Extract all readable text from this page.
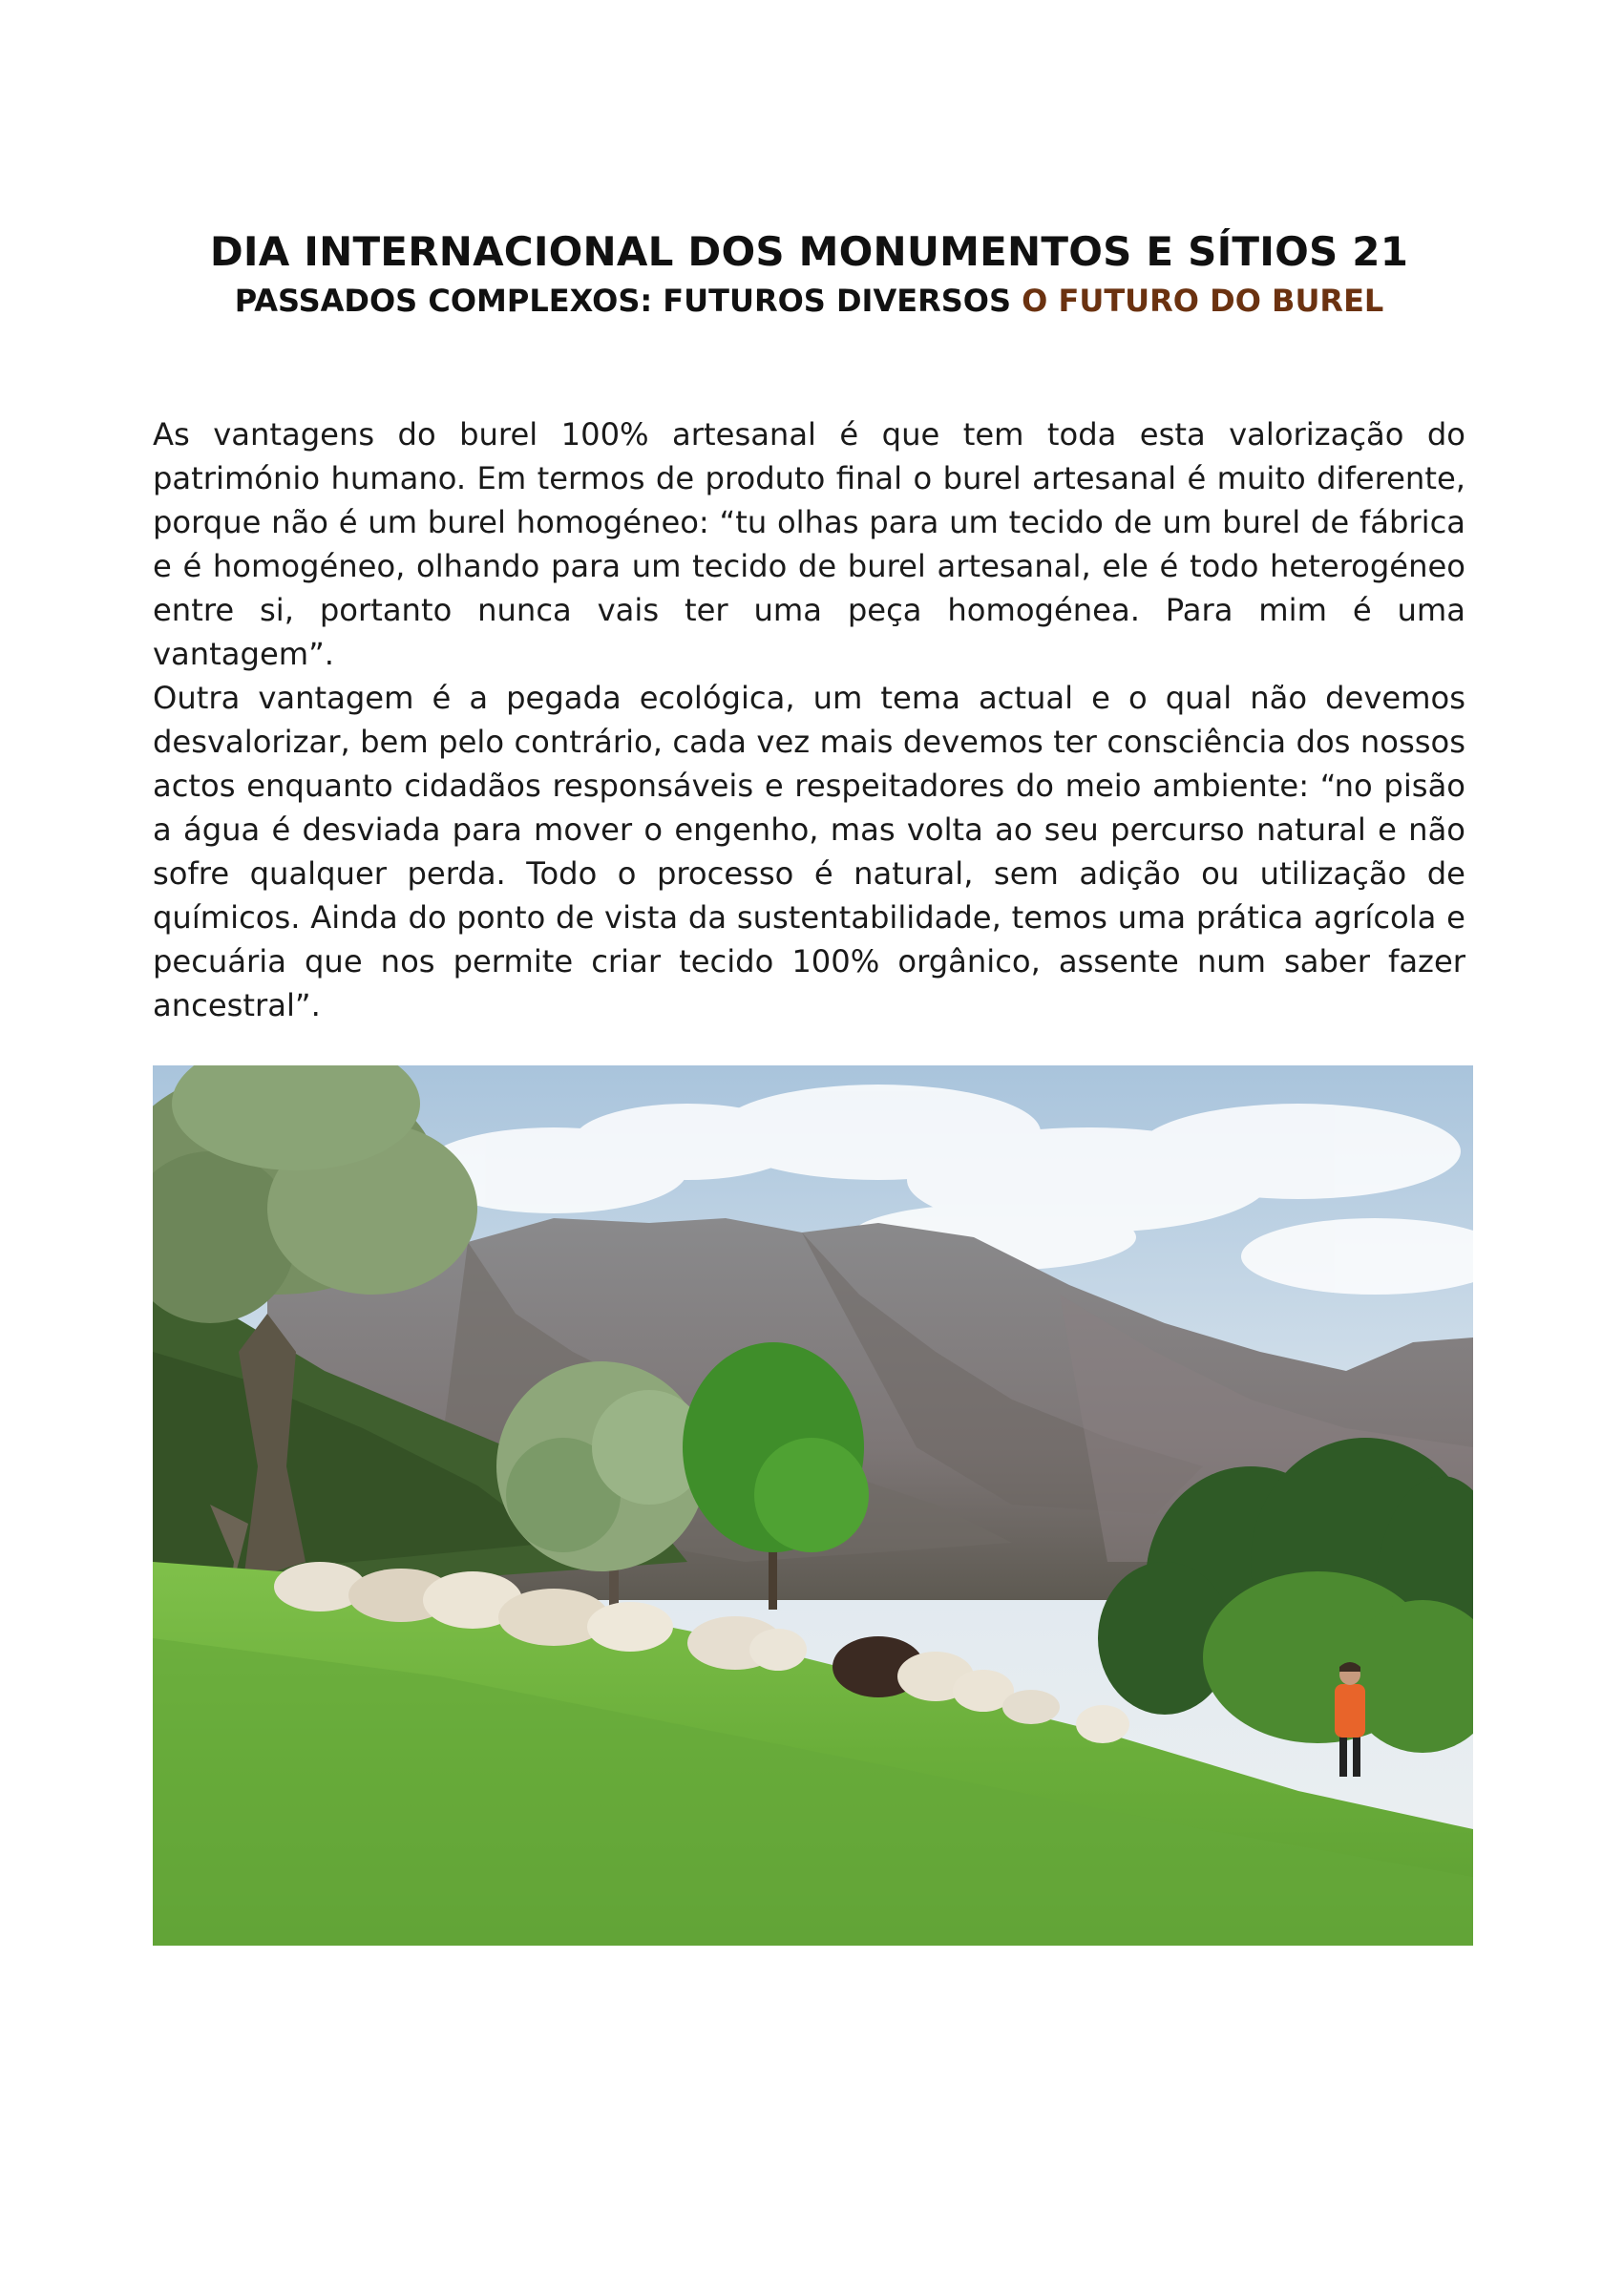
DIA INTERNACIONAL DOS MONUMENTOS E SÍTIOS 21
PASSADOS COMPLEXOS: FUTUROS DIVERSOS O FUTURO DO BUREL

As vantagens do burel 100% artesanal é que tem toda esta valorização do património humano. Em termos de produto final o burel artesanal é muito diferente, porque não é um burel homogéneo: “tu olhas para um tecido de um burel de fábrica e é homogéneo, olhando para um tecido de burel artesanal, ele é todo heterogéneo entre si, portanto nunca vais ter uma peça homogénea. Para mim é uma vantagem”.

Outra vantagem é a pegada ecológica, um tema actual e o qual não devemos desvalorizar, bem pelo contrário, cada vez mais devemos ter consciência dos nossos actos enquanto cidadãos responsáveis e respeitadores do meio ambiente: “no pisão a água é desviada para mover o engenho, mas volta ao seu percurso natural e não sofre qualquer perda. Todo o processo é natural, sem adição ou utilização de químicos. Ainda do ponto de vista da sustentabilidade, temos uma prática agrícola e pecuária que nos permite criar tecido 100% orgânico, assente num saber fazer ancestral”.
